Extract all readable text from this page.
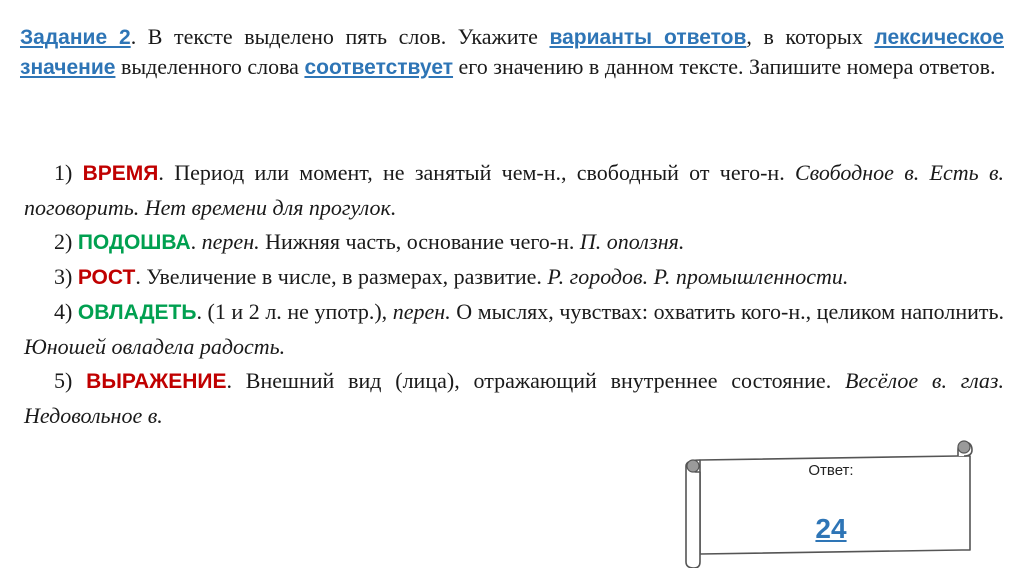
Задание 2. В тексте выделено пять слов. Укажите варианты ответов, в которых лексическое значение выделенного слова соответствует его значению в данном тексте. Запишите номера ответов.

1) ВРЕМЯ. Период или момент, не занятый чем-н., свободный от чего-н. Свободное в. Есть в. поговорить. Нет времени для прогулок.

2) ПОДОШВА. перен. Нижняя часть, основание чего-н. П. оползня.

3) РОСТ. Увеличение в числе, в размерах, развитие. Р. городов. Р. промышленности.

4) ОВЛАДЕТЬ. (1 и 2 л. не употр.), перен. О мыслях, чувствах: охватить кого-н., целиком наполнить. Юношей овладела радость.

5) ВЫРАЖЕНИЕ. Внешний вид (лица), отражающий внутреннее состояние. Весёлое в. глаз. Недовольное в.

Ответ:
24
